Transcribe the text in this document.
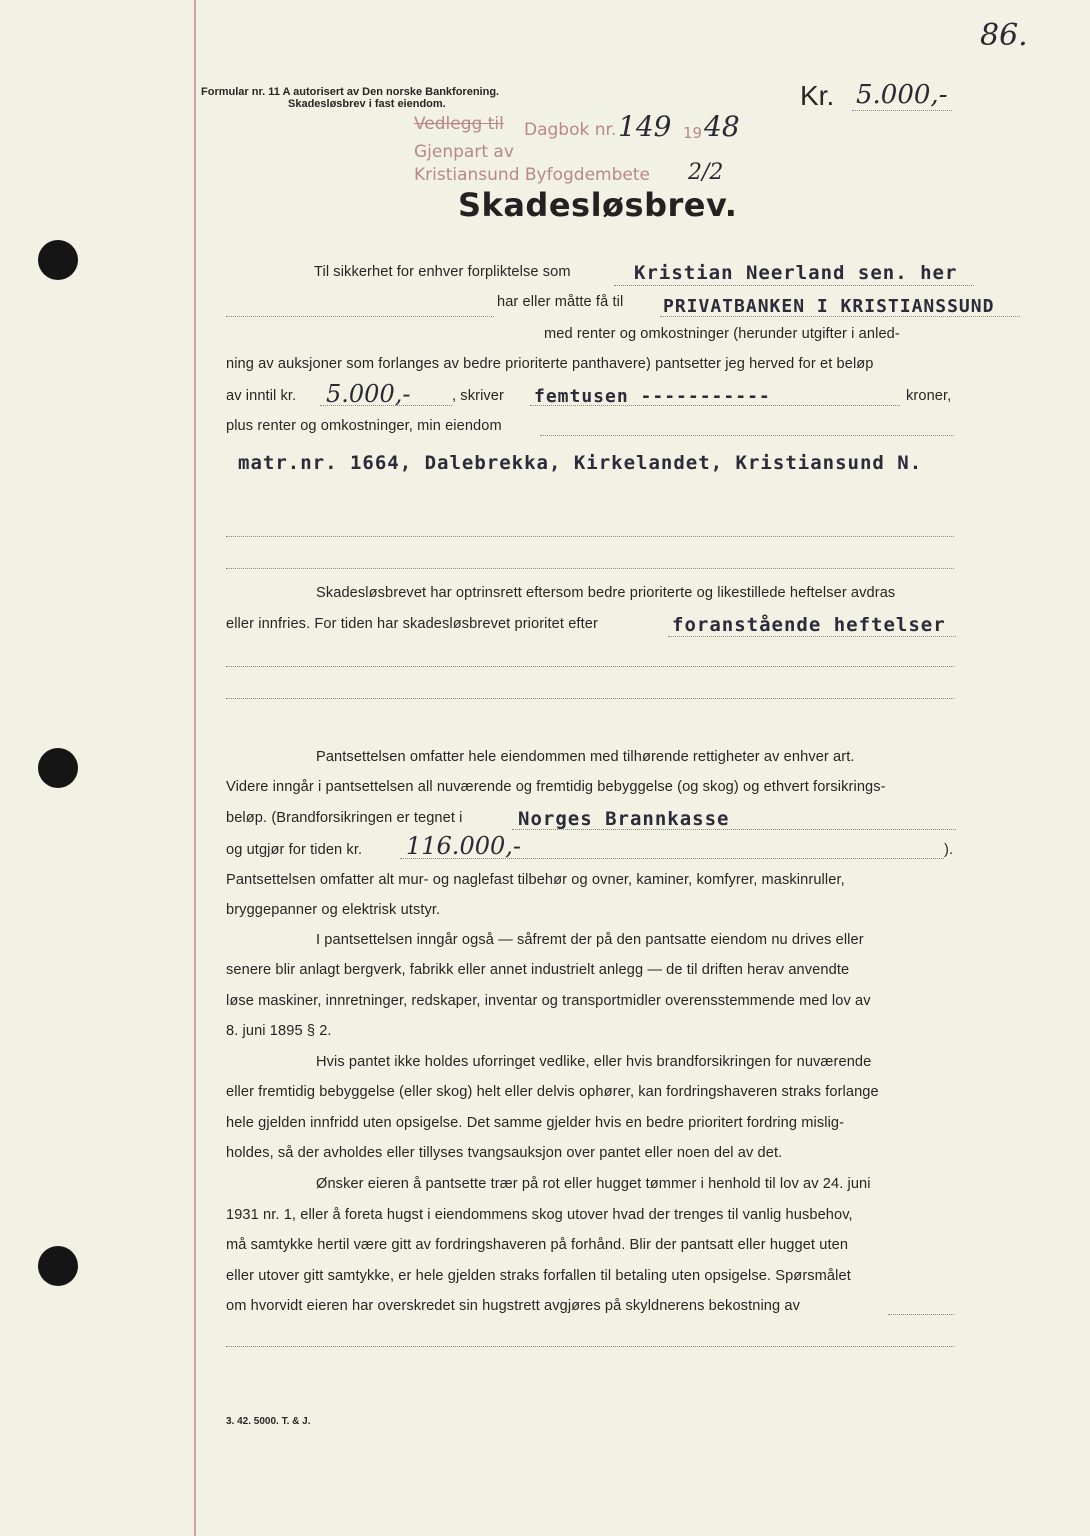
86.
Formular nr. 11 A autorisert av Den norske Bankforening.
Skadesløsbrev i fast eiendom.	Kr. 5.000,-
Vedlegg til Dagbok nr. 149 19 48
Gjenpart av
Kristiansund Byfogdembete 2/2
Skadesløsbrev.
Til sikkerhet for enhver forpliktelse som	Kristian Neerland sen. her
har eller måtte få til PRIVATBANKEN I KRISTIANSSUND
med renter og omkostninger (herunder utgifter i anled-
ning av auksjoner som forlanges av bedre prioriterte panthavere) pantsetter jeg herved for et beløp
av inntil kr. 5.000,-	, skriver femtusen -----------	kroner,
plus renter og omkostninger, min eiendom
matr.nr. 1664, Dalebrekka, Kirkelandet, Kristiansund N.
Skadesløsbrevet har optrinsrett eftersom bedre prioriterte og likestillede heftelser avdras
eller innfries. For tiden har skadesløsbrevet prioritet efter	foranstående heftelser
Pantsettelsen omfatter hele eiendommen med tilhørende rettigheter av enhver art.
Videre inngår i pantsettelsen all nuværende og fremtidig bebyggelse (og skog) og ethvert forsikrings-
beløp. (Brandforsikringen er tegnet i	Norges Brannkasse
og utgjør for tiden kr. 116.000,-	).
Pantsettelsen omfatter alt mur- og naglefast tilbehør og ovner, kaminer, komfyrer, maskinruller,
bryggepanner og elektrisk utstyr.
I pantsettelsen inngår også — såfremt der på den pantsatte eiendom nu drives eller
senere blir anlagt bergverk, fabrikk eller annet industrielt anlegg — de til driften herav anvendte
løse maskiner, innretninger, redskaper, inventar og transportmidler overensstemmende med lov av
8. juni 1895 § 2.
Hvis pantet ikke holdes uforringet vedlike, eller hvis brandforsikringen for nuværende
eller fremtidig bebyggelse (eller skog) helt eller delvis ophører, kan fordringshaveren straks forlange
hele gjelden innfridd uten opsigelse. Det samme gjelder hvis en bedre prioritert fordring mislig-
holdes, så der avholdes eller tillyses tvangsauksjon over pantet eller noen del av det.
Ønsker eieren å pantsette trær på rot eller hugget tømmer i henhold til lov av 24. juni
1931 nr. 1, eller å foreta hugst i eiendommens skog utover hvad der trenges til vanlig husbehov,
må samtykke hertil være gitt av fordringshaveren på forhånd. Blir der pantsatt eller hugget uten
eller utover gitt samtykke, er hele gjelden straks forfallen til betaling uten opsigelse. Spørsmålet
om hvorvidt eieren har overskredet sin hugstrett avgjøres på skyldnerens bekostning av
3. 42. 5000. T. & J.
